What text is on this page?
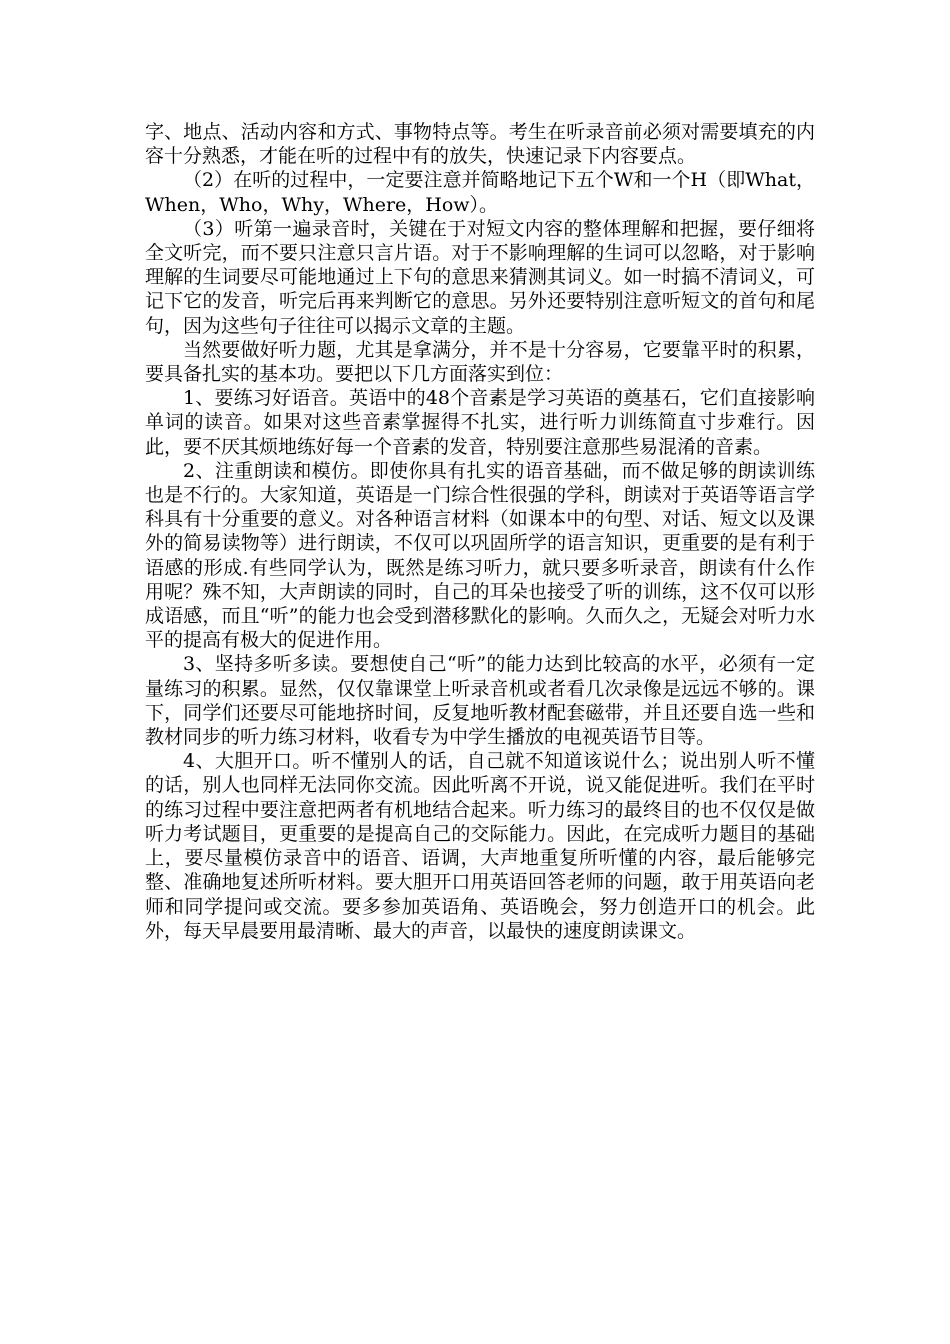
字、地点、活动内容和方式、事物特点等。考生在听录音前必须对需要填充的内容十分熟悉，才能在听的过程中有的放失，快速记录下内容要点。

（2）在听的过程中，一定要注意并简略地记下五个W和一个H（即What，When，Who，Why，Where，How）。

（3）听第一遍录音时，关键在于对短文内容的整体理解和把握，要仔细将全文听完，而不要只注意只言片语。对于不影响理解的生词可以忽略，对于影响理解的生词要尽可能地通过上下句的意思来猜测其词义。如一时搞不清词义，可记下它的发音，听完后再来判断它的意思。另外还要特别注意听短文的首句和尾句，因为这些句子往往可以揭示文章的主题。

当然要做好听力题，尤其是拿满分，并不是十分容易，它要靠平时的积累，要具备扎实的基本功。要把以下几方面落实到位：

1、要练习好语音。英语中的48个音素是学习英语的奠基石，它们直接影响单词的读音。如果对这些音素掌握得不扎实，进行听力训练简直寸步难行。因此，要不厌其烦地练好每一个音素的发音，特别要注意那些易混淆的音素。

2、注重朗读和模仿。即使你具有扎实的语音基础，而不做足够的朗读训练也是不行的。大家知道，英语是一门综合性很强的学科，朗读对于英语等语言学科具有十分重要的意义。对各种语言材料（如课本中的句型、对话、短文以及课外的简易读物等）进行朗读，不仅可以巩固所学的语言知识，更重要的是有利于语感的形成.有些同学认为，既然是练习听力，就只要多听录音，朗读有什么作用呢？殊不知，大声朗读的同时，自己的耳朵也接受了听的训练，这不仅可以形成语感，而且“听”的能力也会受到潜移默化的影响。久而久之，无疑会对听力水平的提高有极大的促进作用。

3、坚持多听多读。要想使自己“听”的能力达到比较高的水平，必须有一定量练习的积累。显然，仅仅靠课堂上听录音机或者看几次录像是远远不够的。课下，同学们还要尽可能地挤时间，反复地听教材配套磁带，并且还要自选一些和教材同步的听力练习材料，收看专为中学生播放的电视英语节目等。

4、大胆开口。听不懂别人的话，自己就不知道该说什么；说出别人听不懂的话，别人也同样无法同你交流。因此听离不开说，说又能促进听。我们在平时的练习过程中要注意把两者有机地结合起来。听力练习的最终目的也不仅仅是做听力考试题目，更重要的是提高自己的交际能力。因此，在完成听力题目的基础上，要尽量模仿录音中的语音、语调，大声地重复所听懂的内容，最后能够完整、准确地复述所听材料。要大胆开口用英语回答老师的问题，敢于用英语向老师和同学提问或交流。要多参加英语角、英语晚会，努力创造开口的机会。此外，每天早晨要用最清晰、最大的声音，以最快的速度朗读课文。
